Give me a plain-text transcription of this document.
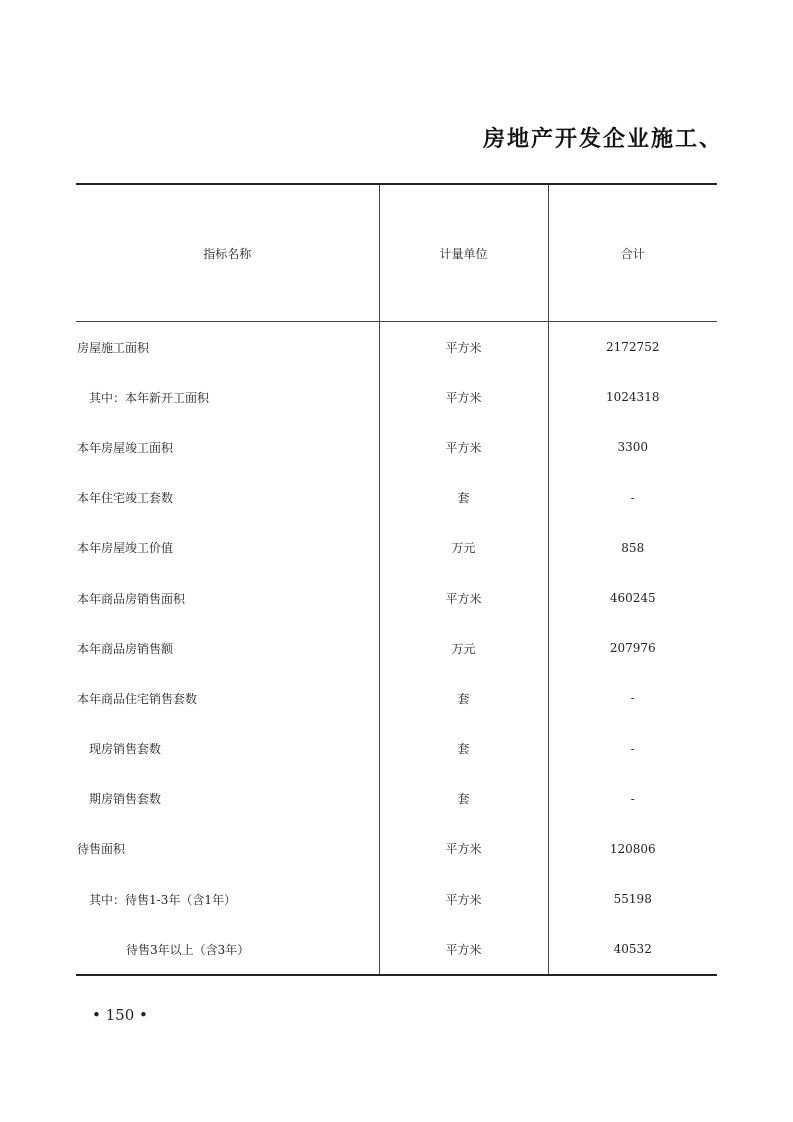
房地产开发企业施工、
指标名称	计量单位	合计
房屋施工面积	平方米	2172752
其中：本年新开工面积	平方米	1024318
本年房屋竣工面积	平方米	3300
本年住宅竣工套数	套	-
本年房屋竣工价值	万元	858
本年商品房销售面积	平方米	460245
本年商品房销售额	万元	207976
本年商品住宅销售套数	套	-
现房销售套数	套	-
期房销售套数	套	-
待售面积	平方米	120806
其中：待售1-3年（含1年）	平方米	55198
待售3年以上（含3年）	平方米	40532
• 150 •
